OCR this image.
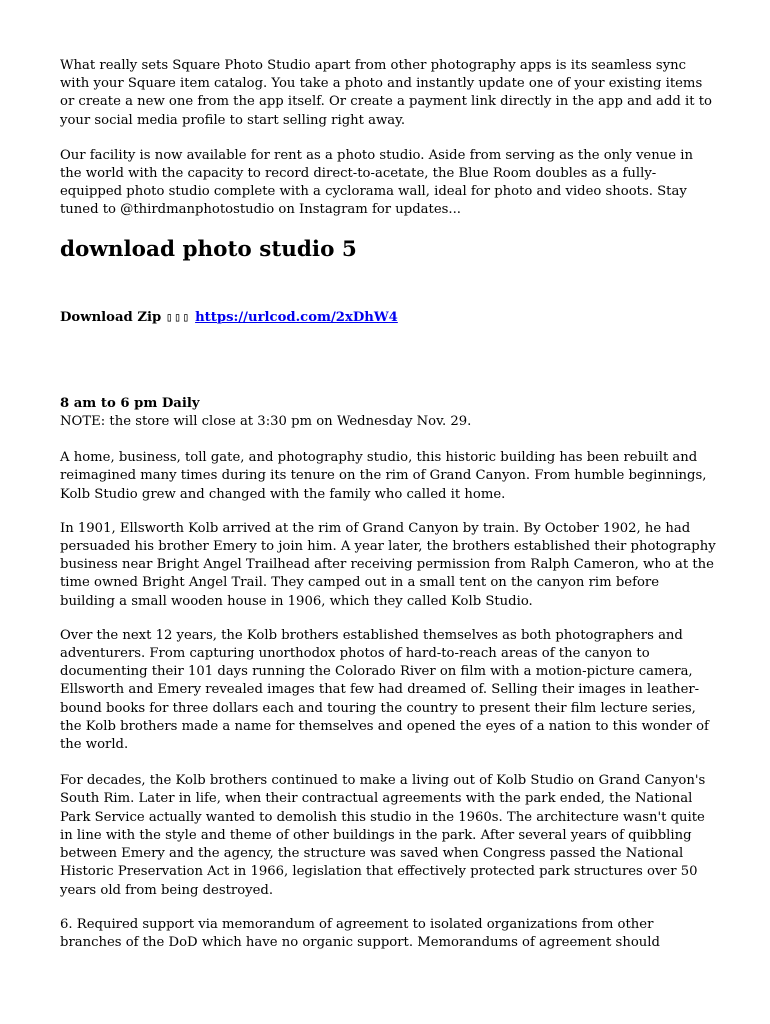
What really sets Square Photo Studio apart from other photography apps is its seamless sync with your Square item catalog. You take a photo and instantly update one of your existing items or create a new one from the app itself. Or create a payment link directly in the app and add it to your social media profile to start selling right away.

Our facility is now available for rent as a photo studio. Aside from serving as the only venue in the world with the capacity to record direct-to-acetate, the Blue Room doubles as a fully-equipped photo studio complete with a cyclorama wall, ideal for photo and video shoots. Stay tuned to @thirdmanphotostudio on Instagram for updates...

download photo studio 5

Download Zip ▯▯▯ https://urlcod.com/2xDhW4

8 am to 6 pm Daily

NOTE: the store will close at 3:30 pm on Wednesday Nov. 29.

A home, business, toll gate, and photography studio, this historic building has been rebuilt and reimagined many times during its tenure on the rim of Grand Canyon. From humble beginnings, Kolb Studio grew and changed with the family who called it home.

In 1901, Ellsworth Kolb arrived at the rim of Grand Canyon by train. By October 1902, he had persuaded his brother Emery to join him. A year later, the brothers established their photography business near Bright Angel Trailhead after receiving permission from Ralph Cameron, who at the time owned Bright Angel Trail. They camped out in a small tent on the canyon rim before building a small wooden house in 1906, which they called Kolb Studio.

Over the next 12 years, the Kolb brothers established themselves as both photographers and adventurers. From capturing unorthodox photos of hard-to-reach areas of the canyon to documenting their 101 days running the Colorado River on film with a motion-picture camera, Ellsworth and Emery revealed images that few had dreamed of. Selling their images in leather-bound books for three dollars each and touring the country to present their film lecture series, the Kolb brothers made a name for themselves and opened the eyes of a nation to this wonder of the world.

For decades, the Kolb brothers continued to make a living out of Kolb Studio on Grand Canyon's South Rim. Later in life, when their contractual agreements with the park ended, the National Park Service actually wanted to demolish this studio in the 1960s. The architecture wasn't quite in line with the style and theme of other buildings in the park. After several years of quibbling between Emery and the agency, the structure was saved when Congress passed the National Historic Preservation Act in 1966, legislation that effectively protected park structures over 50 years old from being destroyed.

6. Required support via memorandum of agreement to isolated organizations from other branches of the DoD which have no organic support. Memorandums of agreement should
